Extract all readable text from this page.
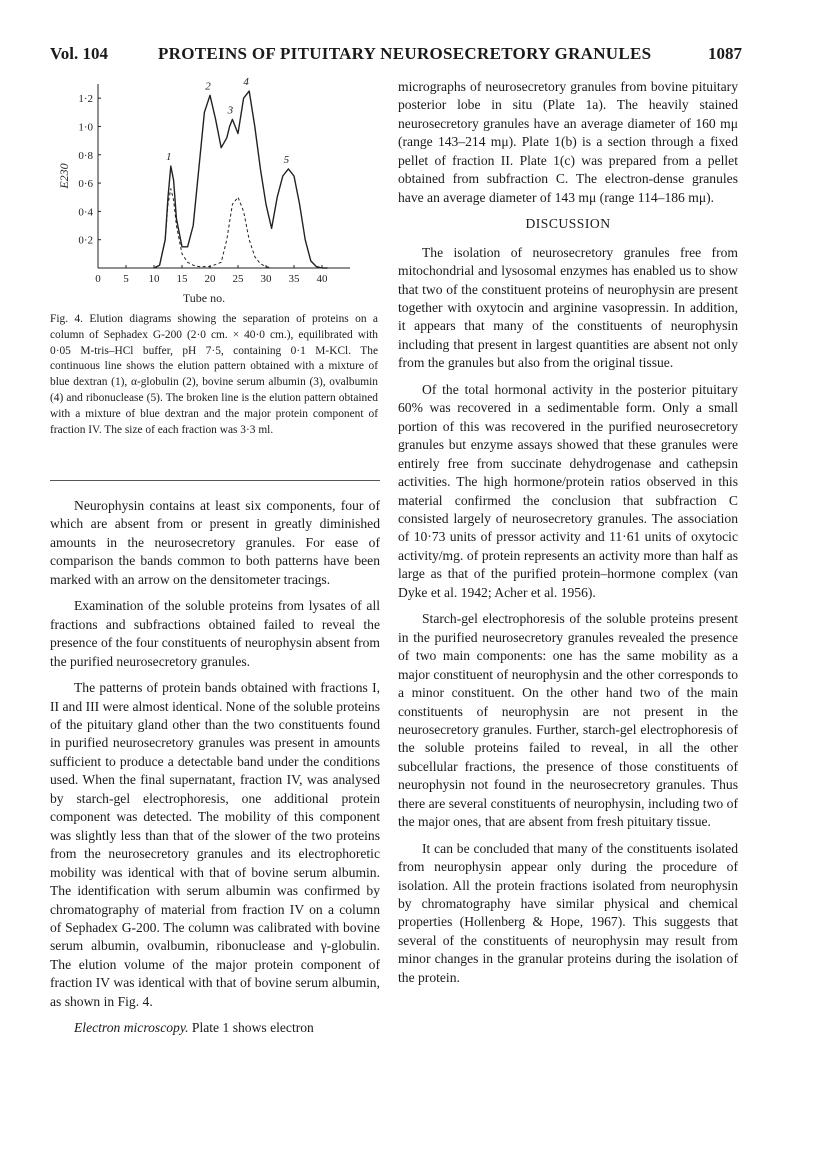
Vol. 104	PROTEINS OF PITUITARY NEUROSECRETORY GRANULES	1087
0 5 10 15 20 25 30 35 40
0·2
0·4
0·6
0·8
1·0
1·2
Tube no.
E230
1
2
3
4
5

Fig. 4. Elution diagrams showing the separation of proteins on a column of Sephadex G-200 (2·0 cm. × 40·0 cm.), equilibrated with 0·05 M-tris–HCl buffer, pH 7·5, containing 0·1 M-KCl. The continuous line shows the elution pattern obtained with a mixture of blue dextran (1), α-globulin (2), bovine serum albumin (3), ovalbumin (4) and ribonuclease (5). The broken line is the elution pattern obtained with a mixture of blue dextran and the major protein component of fraction IV. The size of each fraction was 3·3 ml.

Neurophysin contains at least six components, four of which are absent from or present in greatly diminished amounts in the neurosecretory granules. For ease of comparison the bands common to both patterns have been marked with an arrow on the densitometer tracings.

Examination of the soluble proteins from lysates of all fractions and subfractions obtained failed to reveal the presence of the four constituents of neurophysin absent from the purified neurosecretory granules.

The patterns of protein bands obtained with fractions I, II and III were almost identical. None of the soluble proteins of the pituitary gland other than the two constituents found in purified neurosecretory granules was present in amounts sufficient to produce a detectable band under the conditions used. When the final supernatant, fraction IV, was analysed by starch-gel electrophoresis, one additional protein component was detected. The mobility of this component was slightly less than that of the slower of the two proteins from the neurosecretory granules and its electrophoretic mobility was identical with that of bovine serum albumin. The identification with serum albumin was confirmed by chromatography of material from fraction IV on a column of Sephadex G-200. The column was calibrated with bovine serum albumin, ovalbumin, ribonuclease and γ-globulin. The elution volume of the major protein component of fraction IV was identical with that of bovine serum albumin, as shown in Fig. 4.

Electron microscopy. Plate 1 shows electron

micrographs of neurosecretory granules from bovine pituitary posterior lobe in situ (Plate 1a). The heavily stained neurosecretory granules have an average diameter of 160 mμ (range 143–214 mμ). Plate 1(b) is a section through a fixed pellet of fraction II. Plate 1(c) was prepared from a pellet obtained from subfraction C. The electron-dense granules have an average diameter of 143 mμ (range 114–186 mμ).

DISCUSSION

The isolation of neurosecretory granules free from mitochondrial and lysosomal enzymes has enabled us to show that two of the constituent proteins of neurophysin are present together with oxytocin and arginine vasopressin. In addition, it appears that many of the constituents of neurophysin including that present in largest quantities are absent not only from the granules but also from the original tissue.

Of the total hormonal activity in the posterior pituitary 60% was recovered in a sedimentable form. Only a small portion of this was recovered in the purified neurosecretory granules but enzyme assays showed that these granules were entirely free from succinate dehydrogenase and cathepsin activities. The high hormone/protein ratios observed in this material confirmed the conclusion that subfraction C consisted largely of neurosecretory granules. The association of 10·73 units of pressor activity and 11·61 units of oxytocic activity/mg. of protein represents an activity more than half as large as that of the purified protein–hormone complex (van Dyke et al. 1942; Acher et al. 1956).

Starch-gel electrophoresis of the soluble proteins present in the purified neurosecretory granules revealed the presence of two main components: one has the same mobility as a major constituent of neurophysin and the other corresponds to a minor constituent. On the other hand two of the main constituents of neurophysin are not present in the neurosecretory granules. Further, starch-gel electrophoresis of the soluble proteins failed to reveal, in all the other subcellular fractions, the presence of those constituents of neurophysin not found in the neurosecretory granules. Thus there are several constituents of neurophysin, including two of the major ones, that are absent from fresh pituitary tissue.

It can be concluded that many of the constituents isolated from neurophysin appear only during the procedure of isolation. All the protein fractions isolated from neurophysin by chromatography have similar physical and chemical properties (Hollenberg & Hope, 1967). This suggests that several of the constituents of neurophysin may result from minor changes in the granular proteins during the isolation of the protein.
